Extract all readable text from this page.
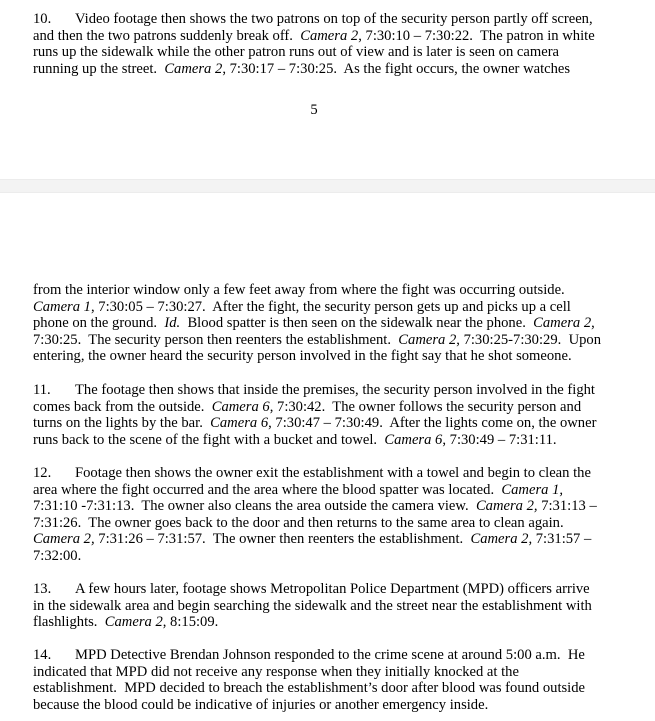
10. Video footage then shows the two patrons on top of the security person partly off screen,
and then the two patrons suddenly break off.  Camera 2, 7:30:10 – 7:30:22.  The patron in white
runs up the sidewalk while the other patron runs out of view and is later is seen on camera
running up the street.  Camera 2, 7:30:17 – 7:30:25.  As the fight occurs, the owner watches
5
from the interior window only a few feet away from where the fight was occurring outside.
Camera 1, 7:30:05 – 7:30:27.  After the fight, the security person gets up and picks up a cell
phone on the ground.  Id.  Blood spatter is then seen on the sidewalk near the phone.  Camera 2,
7:30:25.  The security person then reenters the establishment.  Camera 2, 7:30:25-7:30:29.  Upon
entering, the owner heard the security person involved in the fight say that he shot someone.
11. The footage then shows that inside the premises, the security person involved in the fight
comes back from the outside.  Camera 6, 7:30:42.  The owner follows the security person and
turns on the lights by the bar.  Camera 6, 7:30:47 – 7:30:49.  After the lights come on, the owner
runs back to the scene of the fight with a bucket and towel.  Camera 6, 7:30:49 – 7:31:11.
12. Footage then shows the owner exit the establishment with a towel and begin to clean the
area where the fight occurred and the area where the blood spatter was located.  Camera 1,
7:31:10 -7:31:13.  The owner also cleans the area outside the camera view.  Camera 2, 7:31:13 –
7:31:26.  The owner goes back to the door and then returns to the same area to clean again.
Camera 2, 7:31:26 – 7:31:57.  The owner then reenters the establishment.  Camera 2, 7:31:57 –
7:32:00.
13. A few hours later, footage shows Metropolitan Police Department (MPD) officers arrive
in the sidewalk area and begin searching the sidewalk and the street near the establishment with
flashlights.  Camera 2, 8:15:09.
14. MPD Detective Brendan Johnson responded to the crime scene at around 5:00 a.m.  He
indicated that MPD did not receive any response when they initially knocked at the
establishment.  MPD decided to breach the establishment’s door after blood was found outside
because the blood could be indicative of injuries or another emergency inside.
